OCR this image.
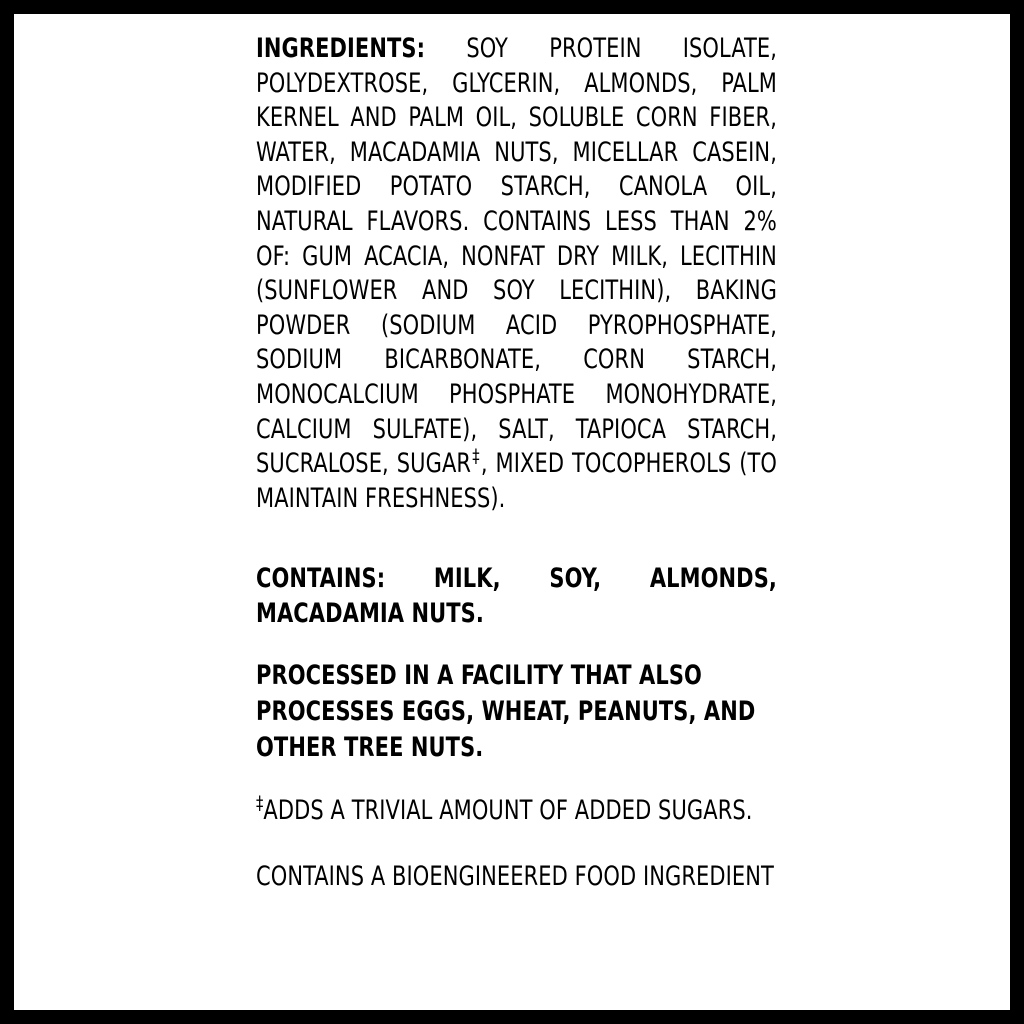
INGREDIENTS: SOY PROTEIN ISOLATE, POLYDEXTROSE, GLYCERIN, ALMONDS, PALM KERNEL AND PALM OIL, SOLUBLE CORN FIBER, WATER, MACADAMIA NUTS, MICELLAR CASEIN, MODIFIED POTATO STARCH, CANOLA OIL, NATURAL FLAVORS. CONTAINS LESS THAN 2% OF: GUM ACACIA, NONFAT DRY MILK, LECITHIN (SUNFLOWER AND SOY LECITHIN), BAKING POWDER (SODIUM ACID PYROPHOSPHATE, SODIUM BICARBONATE, CORN STARCH, MONOCALCIUM PHOSPHATE MONOHYDRATE, CALCIUM SULFATE), SALT, TAPIOCA STARCH, SUCRALOSE, SUGAR‡, MIXED TOCOPHEROLS (TO MAINTAIN FRESHNESS).
CONTAINS: MILK, SOY, ALMONDS, MACADAMIA NUTS.
PROCESSED IN A FACILITY THAT ALSO PROCESSES EGGS, WHEAT, PEANUTS, AND OTHER TREE NUTS.
‡ADDS A TRIVIAL AMOUNT OF ADDED SUGARS.
CONTAINS A BIOENGINEERED FOOD INGREDIENT
